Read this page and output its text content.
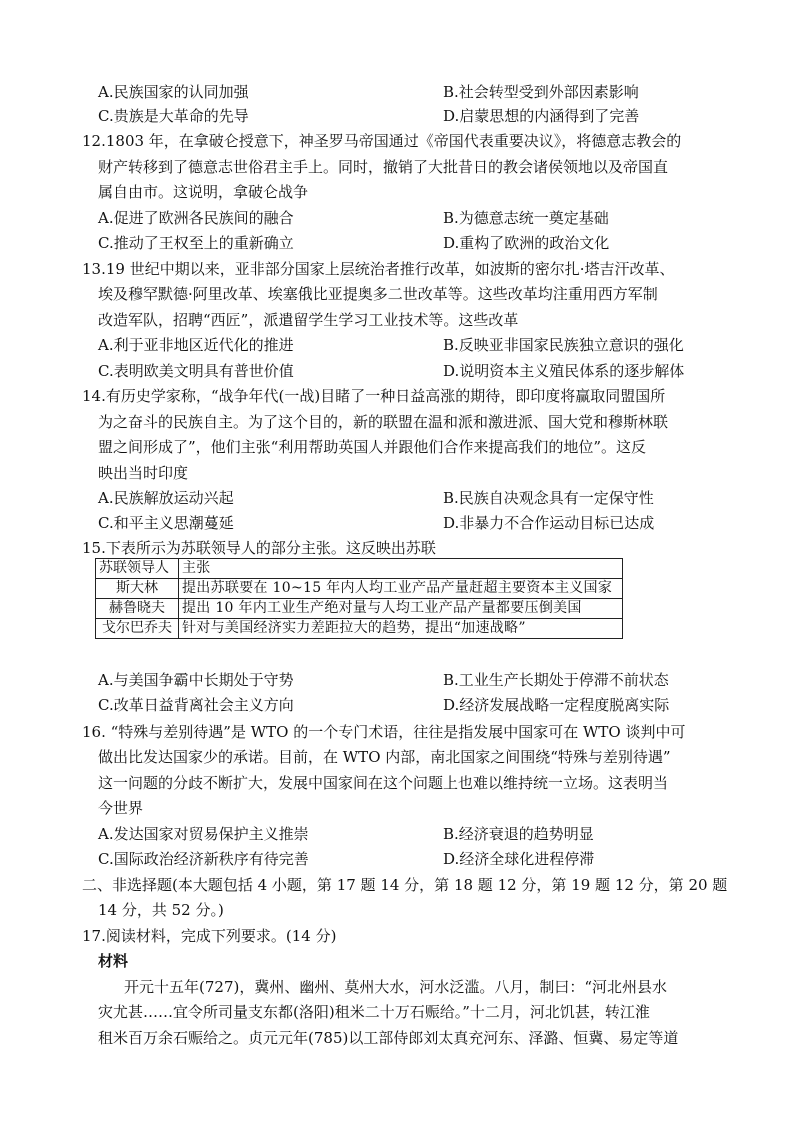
A.民族国家的认同加强	B.社会转型受到外部因素影响
C.贵族是大革命的先导	D.启蒙思想的内涵得到了完善
12.1803 年，在拿破仑授意下，神圣罗马帝国通过《帝国代表重要决议》，将德意志教会的
财产转移到了德意志世俗君主手上。同时，撤销了大批昔日的教会诸侯领地以及帝国直
属自由市。这说明，拿破仑战争
A.促进了欧洲各民族间的融合	B.为德意志统一奠定基础
C.推动了王权至上的重新确立	D.重构了欧洲的政治文化
13.19 世纪中期以来，亚非部分国家上层统治者推行改革，如波斯的密尔扎·塔吉汗改革、
埃及穆罕默德·阿里改革、埃塞俄比亚提奥多二世改革等。这些改革均注重用西方军制
改造军队，招聘“西匠”，派遣留学生学习工业技术等。这些改革
A.利于亚非地区近代化的推进	B.反映亚非国家民族独立意识的强化
C.表明欧美文明具有普世价值	D.说明资本主义殖民体系的逐步解体
14.有历史学家称，“战争年代(一战)目睹了一种日益高涨的期待，即印度将赢取同盟国所
为之奋斗的民族自主。为了这个目的，新的联盟在温和派和激进派、国大党和穆斯林联
盟之间形成了”，他们主张“利用帮助英国人并跟他们合作来提高我们的地位”。这反
映出当时印度
A.民族解放运动兴起	B.民族自决观念具有一定保守性
C.和平主义思潮蔓延	D.非暴力不合作运动目标已达成
15.下表所示为苏联领导人的部分主张。这反映出苏联
苏联领导人	主张
斯大林	提出苏联要在 10~15 年内人均工业产品产量赶超主要资本主义国家
赫鲁晓夫	提出 10 年内工业生产绝对量与人均工业产品产量都要压倒美国
戈尔巴乔夫	针对与美国经济实力差距拉大的趋势，提出“加速战略”
A.与美国争霸中长期处于守势	B.工业生产长期处于停滞不前状态
C.改革日益背离社会主义方向	D.经济发展战略一定程度脱离实际
16. “特殊与差别待遇”是 WTO 的一个专门术语，往往是指发展中国家可在 WTO 谈判中可
做出比发达国家少的承诺。目前，在 WTO 内部，南北国家之间围绕“特殊与差别待遇”
这一问题的分歧不断扩大，发展中国家间在这个问题上也难以维持统一立场。这表明当
今世界
A.发达国家对贸易保护主义推崇	B.经济衰退的趋势明显
C.国际政治经济新秩序有待完善	D.经济全球化进程停滞
二、非选择题(本大题包括 4 小题，第 17 题 14 分，第 18 题 12 分，第 19 题 12 分，第 20 题
14 分，共 52 分。)
17.阅读材料，完成下列要求。(14 分)
材料
开元十五年(727)，冀州、幽州、莫州大水，河水泛滥。八月，制曰：“河北州县水
灾尤甚……宜令所司量支东都(洛阳)租米二十万石赈给。”十二月，河北饥甚，转江淮
租米百万余石赈给之。贞元元年(785)以工部侍郎刘太真充河东、泽潞、恒冀、易定等道
